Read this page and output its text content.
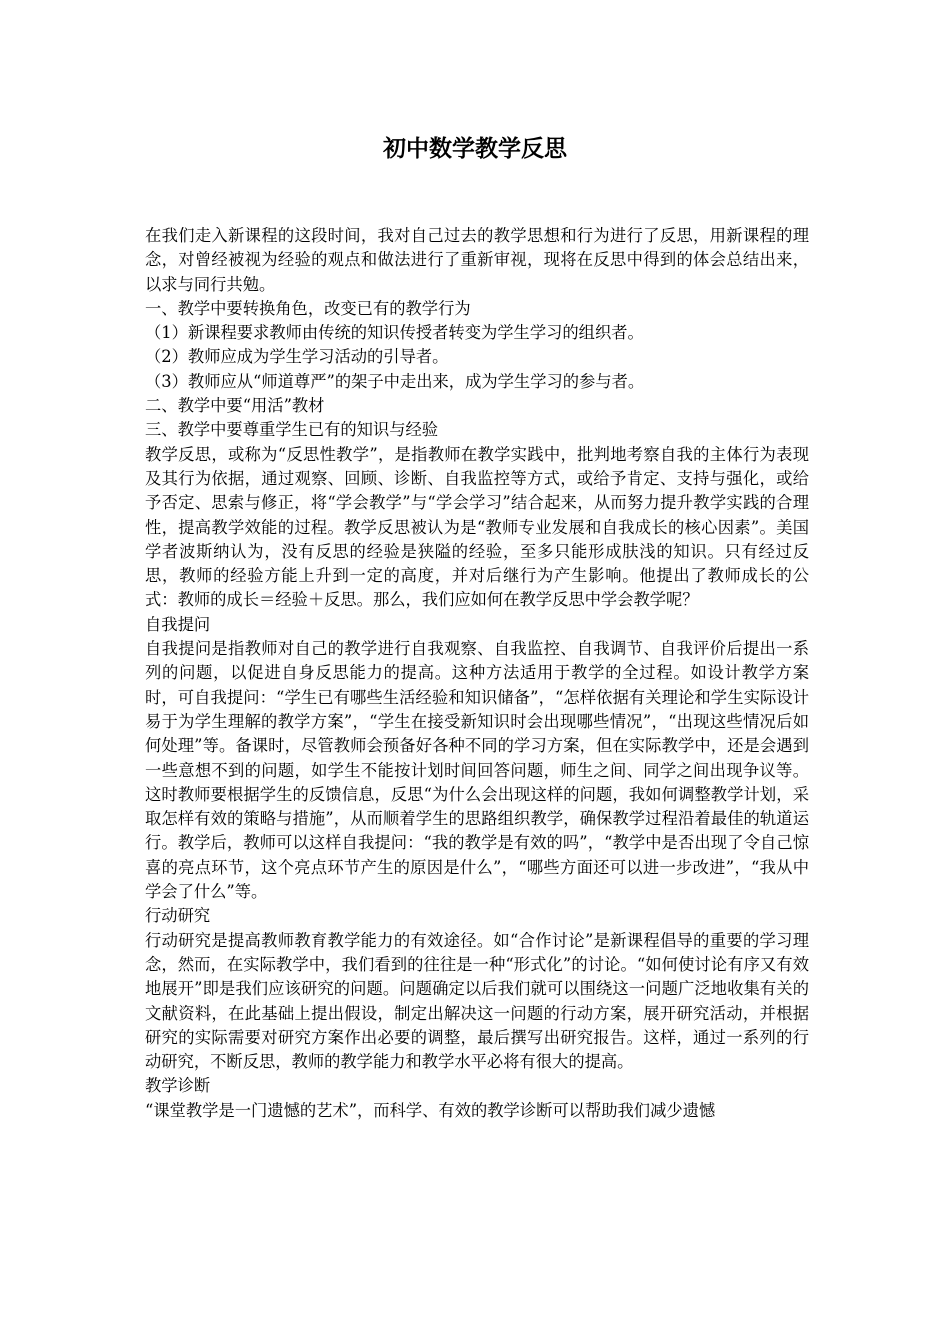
初中数学教学反思

在我们走入新课程的这段时间，我对自己过去的教学思想和行为进行了反思，用新课程的理念，对曾经被视为经验的观点和做法进行了重新审视，现将在反思中得到的体会总结出来，以求与同行共勉。

一、教学中要转换角色，改变已有的教学行为

（1）新课程要求教师由传统的知识传授者转变为学生学习的组织者。

（2）教师应成为学生学习活动的引导者。

（3）教师应从“师道尊严”的架子中走出来，成为学生学习的参与者。

二、教学中要“用活”教材

三、教学中要尊重学生已有的知识与经验

教学反思，或称为“反思性教学”，是指教师在教学实践中，批判地考察自我的主体行为表现及其行为依据，通过观察、回顾、诊断、自我监控等方式，或给予肯定、支持与强化，或给予否定、思索与修正，将“学会教学”与“学会学习”结合起来，从而努力提升教学实践的合理性，提高教学效能的过程。教学反思被认为是“教师专业发展和自我成长的核心因素”。美国学者波斯纳认为，没有反思的经验是狭隘的经验，至多只能形成肤浅的知识。只有经过反思，教师的经验方能上升到一定的高度，并对后继行为产生影响。他提出了教师成长的公式：教师的成长＝经验＋反思。那么，我们应如何在教学反思中学会教学呢？

自我提问

自我提问是指教师对自己的教学进行自我观察、自我监控、自我调节、自我评价后提出一系列的问题，以促进自身反思能力的提高。这种方法适用于教学的全过程。如设计教学方案时，可自我提问：“学生已有哪些生活经验和知识储备”，“怎样依据有关理论和学生实际设计易于为学生理解的教学方案”，“学生在接受新知识时会出现哪些情况”，“出现这些情况后如何处理”等。备课时，尽管教师会预备好各种不同的学习方案，但在实际教学中，还是会遇到一些意想不到的问题，如学生不能按计划时间回答问题，师生之间、同学之间出现争议等。这时教师要根据学生的反馈信息，反思“为什么会出现这样的问题，我如何调整教学计划，采取怎样有效的策略与措施”，从而顺着学生的思路组织教学，确保教学过程沿着最佳的轨道运行。教学后，教师可以这样自我提问：“我的教学是有效的吗”，“教学中是否出现了令自己惊喜的亮点环节，这个亮点环节产生的原因是什么”，“哪些方面还可以进一步改进”，“我从中学会了什么”等。

行动研究

行动研究是提高教师教育教学能力的有效途径。如“合作讨论”是新课程倡导的重要的学习理念，然而，在实际教学中，我们看到的往往是一种“形式化”的讨论。“如何使讨论有序又有效地展开”即是我们应该研究的问题。问题确定以后我们就可以围绕这一问题广泛地收集有关的文献资料，在此基础上提出假设，制定出解决这一问题的行动方案，展开研究活动，并根据研究的实际需要对研究方案作出必要的调整，最后撰写出研究报告。这样，通过一系列的行动研究，不断反思，教师的教学能力和教学水平必将有很大的提高。

教学诊断

“课堂教学是一门遗憾的艺术”，而科学、有效的教学诊断可以帮助我们减少遗憾
